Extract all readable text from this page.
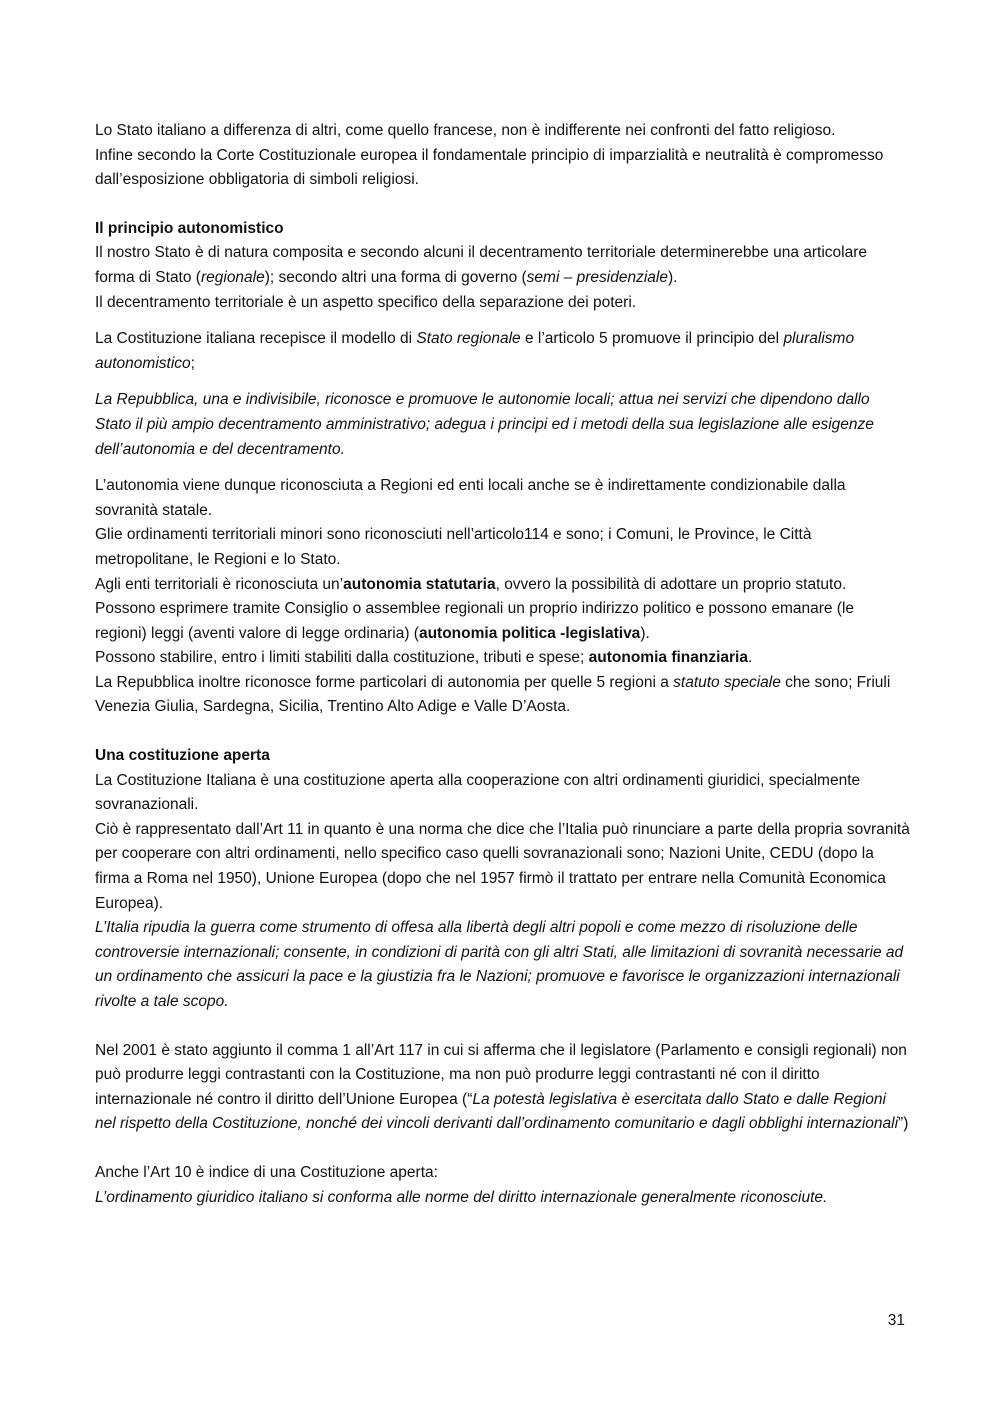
Lo Stato italiano a differenza di altri, come quello francese, non è indifferente nei confronti del fatto religioso.

Infine secondo la Corte Costituzionale europea il fondamentale principio di imparzialità e neutralità è compromesso dall’esposizione obbligatoria di simboli religiosi.

Il principio autonomistico

Il nostro Stato è di natura composita e secondo alcuni il decentramento territoriale determinerebbe una articolare forma di Stato (regionale); secondo altri una forma di governo (semi – presidenziale).

Il decentramento territoriale è un aspetto specifico della separazione dei poteri.

La Costituzione italiana recepisce il modello di Stato regionale e l’articolo 5 promuove il principio del pluralismo autonomistico;

La Repubblica, una e indivisibile, riconosce e promuove le autonomie locali; attua nei servizi che dipendono dallo Stato il più ampio decentramento amministrativo; adegua i principi ed i metodi della sua legislazione alle esigenze dell’autonomia e del decentramento.

L’autonomia viene dunque riconosciuta a Regioni ed enti locali anche se è indirettamente condizionabile dalla sovranità statale.

Glie ordinamenti territoriali minori sono riconosciuti nell’articolo114 e sono; i Comuni, le Province, le Città metropolitane, le Regioni e lo Stato.

Agli enti territoriali è riconosciuta un’autonomia statutaria, ovvero la possibilità di adottare un proprio statuto.

Possono esprimere tramite Consiglio o assemblee regionali un proprio indirizzo politico e possono emanare (le regioni) leggi (aventi valore di legge ordinaria) (autonomia politica -legislativa).

Possono stabilire, entro i limiti stabiliti dalla costituzione, tributi e spese; autonomia finanziaria.

La Repubblica inoltre riconosce forme particolari di autonomia per quelle 5 regioni a statuto speciale che sono; Friuli Venezia Giulia, Sardegna, Sicilia, Trentino Alto Adige e Valle D’Aosta.

Una costituzione aperta

La Costituzione Italiana è una costituzione aperta alla cooperazione con altri ordinamenti giuridici, specialmente sovranazionali.

Ciò è rappresentato dall’Art 11 in quanto è una norma che dice che l’Italia può rinunciare a parte della propria sovranità per cooperare con altri ordinamenti, nello specifico caso quelli sovranazionali sono; Nazioni Unite, CEDU (dopo la firma a Roma nel 1950), Unione Europea (dopo che nel 1957 firmò il trattato per entrare nella Comunità Economica Europea).

L’Italia ripudia la guerra come strumento di offesa alla libertà degli altri popoli e come mezzo di risoluzione delle controversie internazionali; consente, in condizioni di parità con gli altri Stati, alle limitazioni di sovranità necessarie ad un ordinamento che assicuri la pace e la giustizia fra le Nazioni; promuove e favorisce le organizzazioni internazionali rivolte a tale scopo.

Nel 2001 è stato aggiunto il comma 1 all’Art 117 in cui si afferma che il legislatore (Parlamento e consigli regionali) non può produrre leggi contrastanti con la Costituzione, ma non può produrre leggi contrastanti né con il diritto internazionale né contro il diritto dell’Unione Europea (“La potestà legislativa è esercitata dallo Stato e dalle Regioni nel rispetto della Costituzione, nonché dei vincoli derivanti dall’ordinamento comunitario e dagli obblighi internazionali”)

Anche l’Art 10 è indice di una Costituzione aperta:

L’ordinamento giuridico italiano si conforma alle norme del diritto internazionale generalmente riconosciute.

31
